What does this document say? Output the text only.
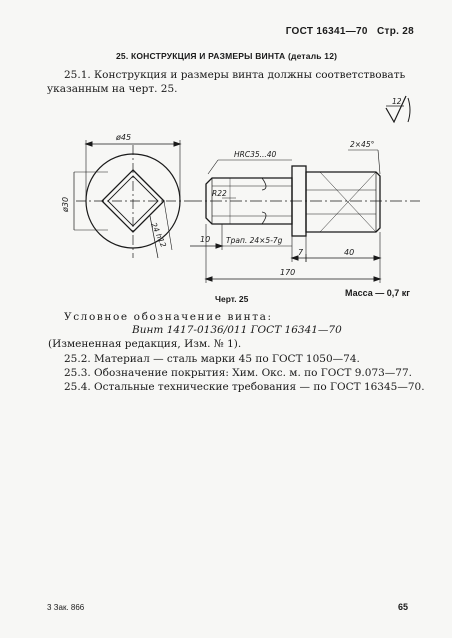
ГОСТ 16341—70 Стр. 28
25. КОНСТРУКЦИЯ И РАЗМЕРЫ ВИНТА (деталь 12)
25.1. Конструкция и размеры винта должны соответствовать
указанным на черт. 25.
ø45
ø30
24 h12
HRC35...40
R22
Трап. 24×5-7g
10
7	40
170
2×45°
12
Черт. 25
Масса — 0,7 кг
Условное обозначение винта:
Винт 1417-0136/011 ГОСТ 16341—70
(Измененная редакция, Изм. № 1).
25.2. Материал — сталь марки 45 по ГОСТ 1050—74.
25.3. Обозначение покрытия: Хим. Окс. м. по ГОСТ 9.073—77.
25.4. Остальные технические требования — по ГОСТ 16345—70.
3 Зак. 866	65
